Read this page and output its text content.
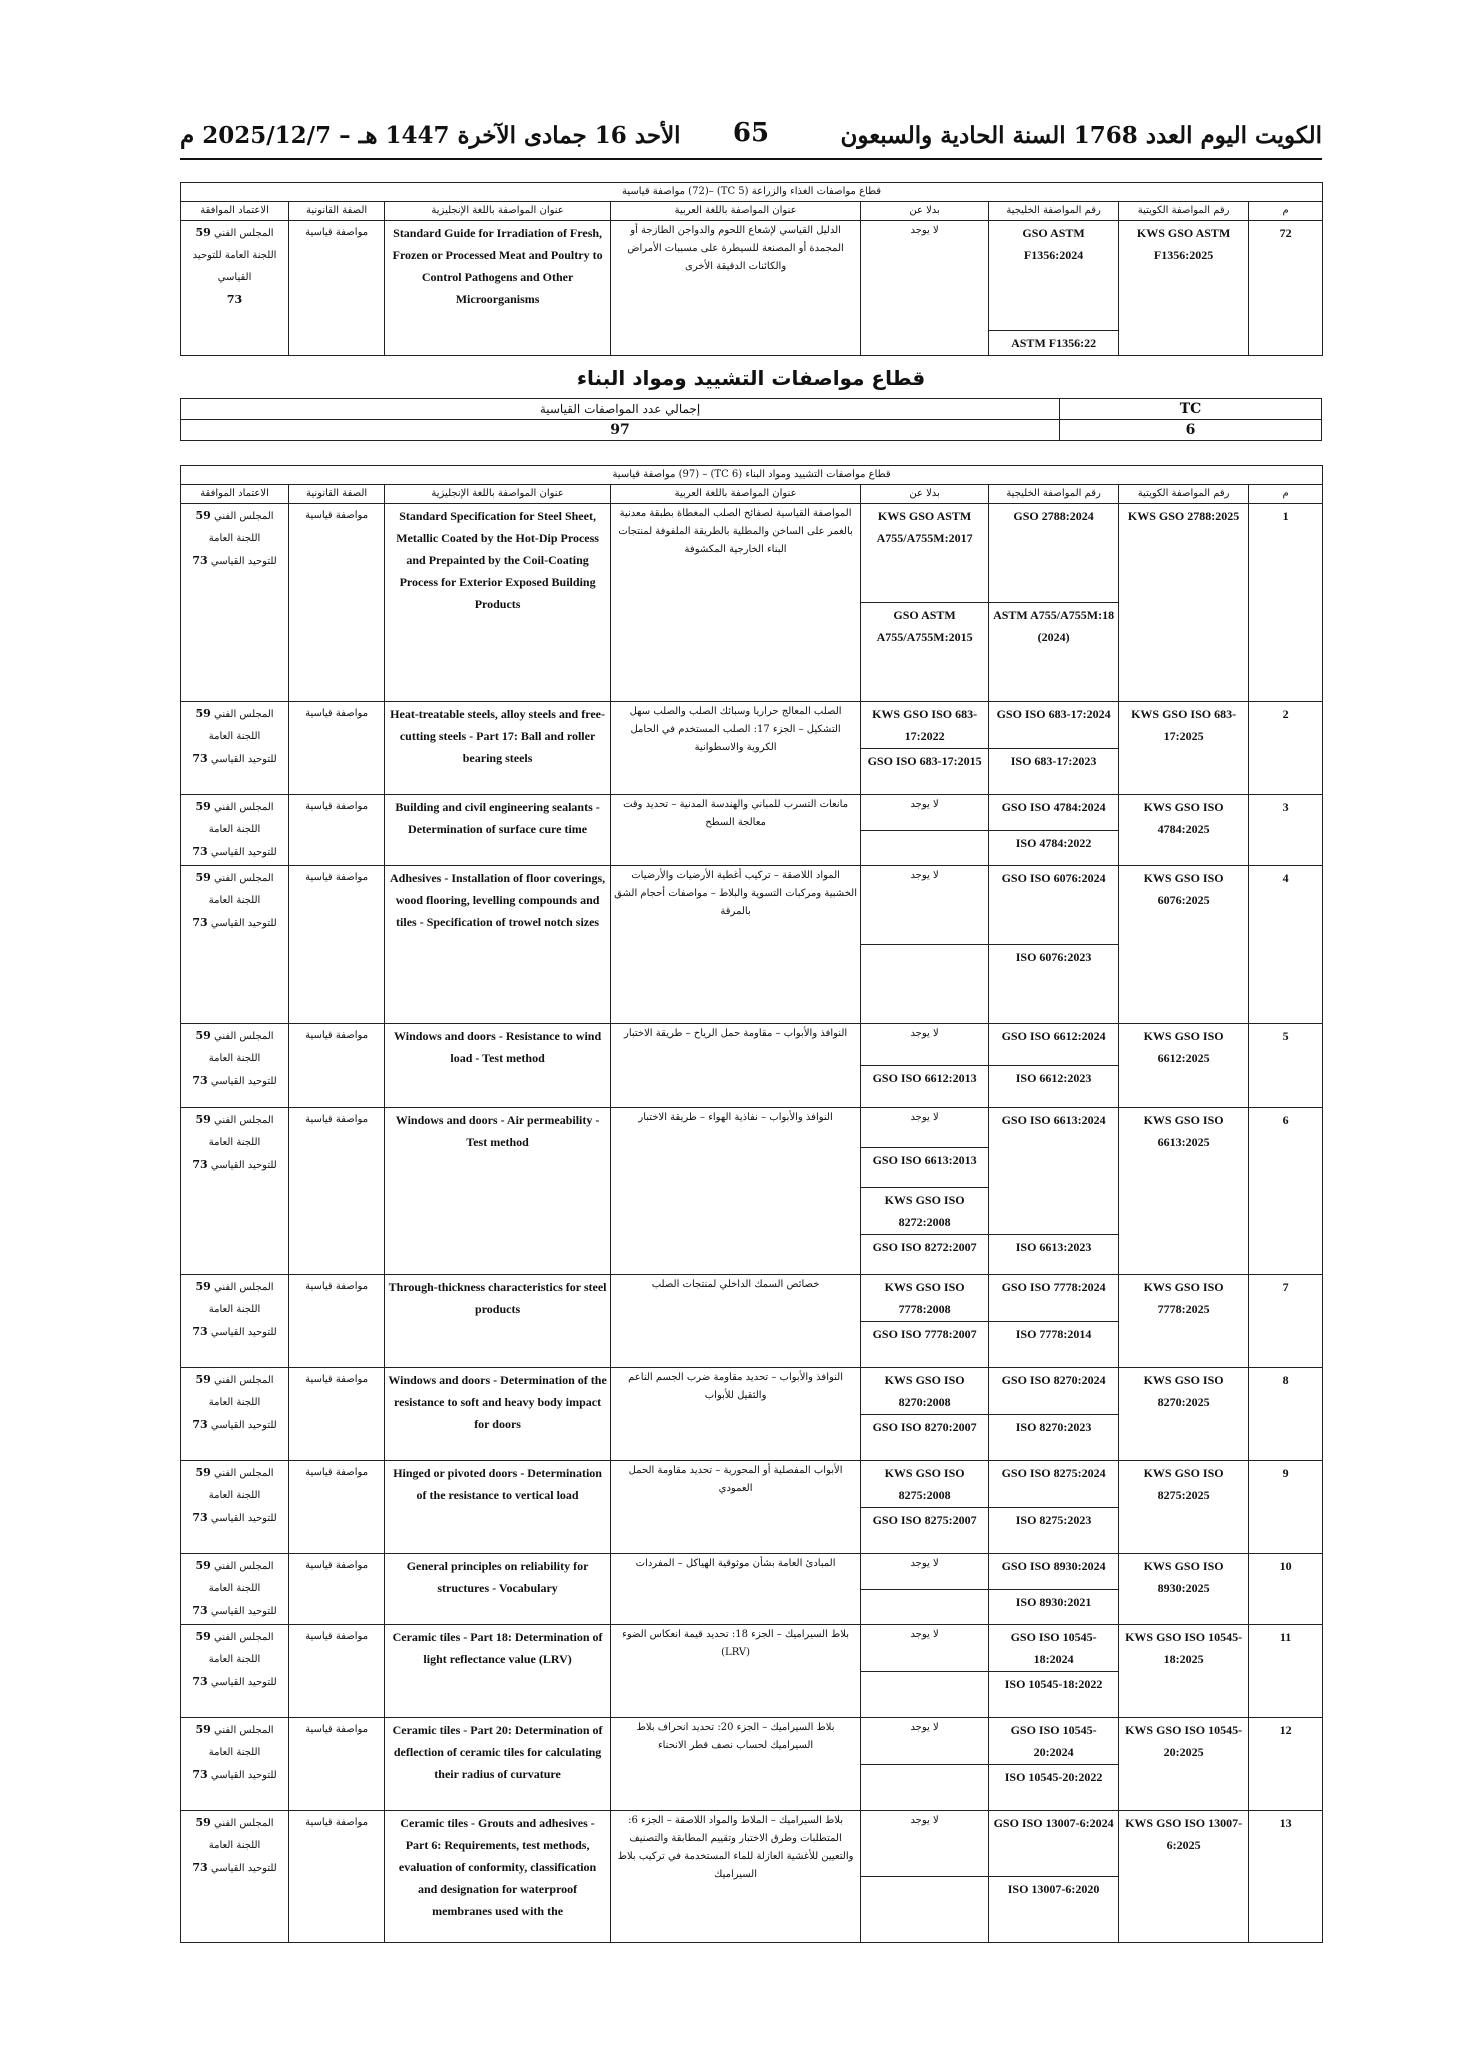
الكويت اليوم العدد 1768 السنة الحادية والسبعون
65
الأحد 16 جمادى الآخرة 1447 هـ – 2025/12/7 م
قطاع مواصفات الغذاء والزراعة (TC 5) –(72) مواصفة قياسية							
م	رقم المواصفة الكويتية	رقم المواصفة الخليجية	بدلا عن	عنوان المواصفة باللغة العربية	عنوان المواصفة باللغة الإنجليزية	الصفة القانونية	الاعتماد الموافقة
72	KWS GSO ASTM F1356:2025	GSO ASTM F1356:2024	لا يوجد	الدليل القياسي لإشعاع اللحوم والدواجن الطازجة أو المجمدة أو المصنعة للسيطرة على مسببات الأمراض والكائنات الدقيقة الأخرى	Standard Guide for Irradiation of Fresh, Frozen or Processed Meat and Poultry to Control Pathogens and Other Microorganisms	مواصفة قياسية	المجلس الفني 59
اللجنة العامة للتوحيد القياسي
73
		ASTM F1356:22					
قطاع مواصفات التشييد ومواد البناء
TC	إجمالي عدد المواصفات القياسية
6	97
قطاع مواصفات التشييد ومواد البناء (TC 6) – (97) مواصفة قياسية							
م	رقم المواصفة الكويتية	رقم المواصفة الخليجية	بدلا عن	عنوان المواصفة باللغة العربية	عنوان المواصفة باللغة الإنجليزية	الصفة القانونية	الاعتماد الموافقة
1	KWS GSO 2788:2025	GSO 2788:2024	KWS GSO ASTM A755/A755M:2017	المواصفة القياسية لصفائح الصلب المغطاة بطبقة معدنية بالغمر على الساخن والمطلية بالطريقة الملفوفة لمنتجات البناء الخارجية المكشوفة	Standard Specification for Steel Sheet, Metallic Coated by the Hot-Dip Process and Prepainted by the Coil-Coating Process for Exterior Exposed Building Products	مواصفة قياسية	المجلس الفني 59
اللجنة العامة
للتوحيد القياسي 73
		ASTM A755/A755M:18 (2024)	GSO ASTM A755/A755M:2015				
2	KWS GSO ISO 683-17:2025	GSO ISO 683-17:2024	KWS GSO ISO 683-17:2022	الصلب المعالج حراريا وسبائك الصلب والصلب سهل التشكيل – الجزء 17: الصلب المستخدم في الحامل الكروية والاسطوانية	Heat-treatable steels, alloy steels and free-cutting steels - Part 17: Ball and roller bearing steels	مواصفة قياسية	المجلس الفني 59
اللجنة العامة
للتوحيد القياسي 73
		ISO 683-17:2023	GSO ISO 683-17:2015				
3	KWS GSO ISO 4784:2025	GSO ISO 4784:2024	لا يوجد	مانعات التسرب للمباني والهندسة المدنية – تحديد وقت معالجة السطح	Building and civil engineering sealants - Determination of surface cure time	مواصفة قياسية	المجلس الفني 59
اللجنة العامة
للتوحيد القياسي 73
		ISO 4784:2022					
4	KWS GSO ISO 6076:2025	GSO ISO 6076:2024	لا يوجد	المواد اللاصقة – تركيب أغطية الأرضيات والأرضيات الخشبية ومركبات التسوية والبلاط – مواصفات أحجام الشق بالمرقة	Adhesives - Installation of floor coverings, wood flooring, levelling compounds and tiles - Specification of trowel notch sizes	مواصفة قياسية	المجلس الفني 59
اللجنة العامة
للتوحيد القياسي 73
		ISO 6076:2023					
5	KWS GSO ISO 6612:2025	GSO ISO 6612:2024	لا يوجد	النوافذ والأبواب – مقاومة حمل الرياح – طريقة الاختبار	Windows and doors - Resistance to wind load - Test method	مواصفة قياسية	المجلس الفني 59
اللجنة العامة
للتوحيد القياسي 73
		ISO 6612:2023	GSO ISO 6612:2013				
6	KWS GSO ISO 6613:2025	GSO ISO 6613:2024	لا يوجد	النوافذ والأبواب – نفاذية الهواء – طريقة الاختبار	Windows and doors - Air permeability - Test method	مواصفة قياسية	المجلس الفني 59
اللجنة العامة
للتوحيد القياسي 73
			GSO ISO 6613:2013				
			KWS GSO ISO 8272:2008				
		ISO 6613:2023	GSO ISO 8272:2007				
7	KWS GSO ISO 7778:2025	GSO ISO 7778:2024	KWS GSO ISO 7778:2008	خصائص السمك الداخلي لمنتجات الصلب	Through-thickness characteristics for steel products	مواصفة قياسية	المجلس الفني 59
اللجنة العامة
للتوحيد القياسي 73
		ISO 7778:2014	GSO ISO 7778:2007				
8	KWS GSO ISO 8270:2025	GSO ISO 8270:2024	KWS GSO ISO 8270:2008	النوافذ والأبواب – تحديد مقاومة ضرب الجسم الناعم والثقيل للأبواب	Windows and doors - Determination of the resistance to soft and heavy body impact for doors	مواصفة قياسية	المجلس الفني 59
اللجنة العامة
للتوحيد القياسي 73
		ISO 8270:2023	GSO ISO 8270:2007				
9	KWS GSO ISO 8275:2025	GSO ISO 8275:2024	KWS GSO ISO 8275:2008	الأبواب المفصلية أو المحورية – تحديد مقاومة الحمل العمودي	Hinged or pivoted doors - Determination of the resistance to vertical load	مواصفة قياسية	المجلس الفني 59
اللجنة العامة
للتوحيد القياسي 73
		ISO 8275:2023	GSO ISO 8275:2007				
10	KWS GSO ISO 8930:2025	GSO ISO 8930:2024	لا يوجد	المبادئ العامة بشأن موثوقية الهياكل – المفردات	General principles on reliability for structures - Vocabulary	مواصفة قياسية	المجلس الفني 59
اللجنة العامة
للتوحيد القياسي 73
		ISO 8930:2021					
11	KWS GSO ISO 10545-18:2025	GSO ISO 10545-18:2024	لا يوجد	بلاط السيراميك – الجزء 18: تحديد قيمة انعكاس الضوء (LRV)	Ceramic tiles - Part 18: Determination of light reflectance value (LRV)	مواصفة قياسية	المجلس الفني 59
اللجنة العامة
للتوحيد القياسي 73
		ISO 10545-18:2022					
12	KWS GSO ISO 10545-20:2025	GSO ISO 10545-20:2024	لا يوجد	بلاط السيراميك – الجزء 20: تحديد انحراف بلاط السيراميك لحساب نصف قطر الانحناء	Ceramic tiles - Part 20: Determination of deflection of ceramic tiles for calculating their radius of curvature	مواصفة قياسية	المجلس الفني 59
اللجنة العامة
للتوحيد القياسي 73
		ISO 10545-20:2022					
13	KWS GSO ISO 13007-6:2025	GSO ISO 13007-6:2024	لا يوجد	بلاط السيراميك – الملاط والمواد اللاصقة – الجزء 6: المتطلبات وطرق الاختبار وتقييم المطابقة والتصنيف والتعيين للأغشية العازلة للماء المستخدمة في تركيب بلاط السيراميك	Ceramic tiles - Grouts and adhesives - Part 6: Requirements, test methods, evaluation of conformity, classification and designation for waterproof membranes used with the	مواصفة قياسية	المجلس الفني 59
اللجنة العامة
للتوحيد القياسي 73
		ISO 13007-6:2020					
